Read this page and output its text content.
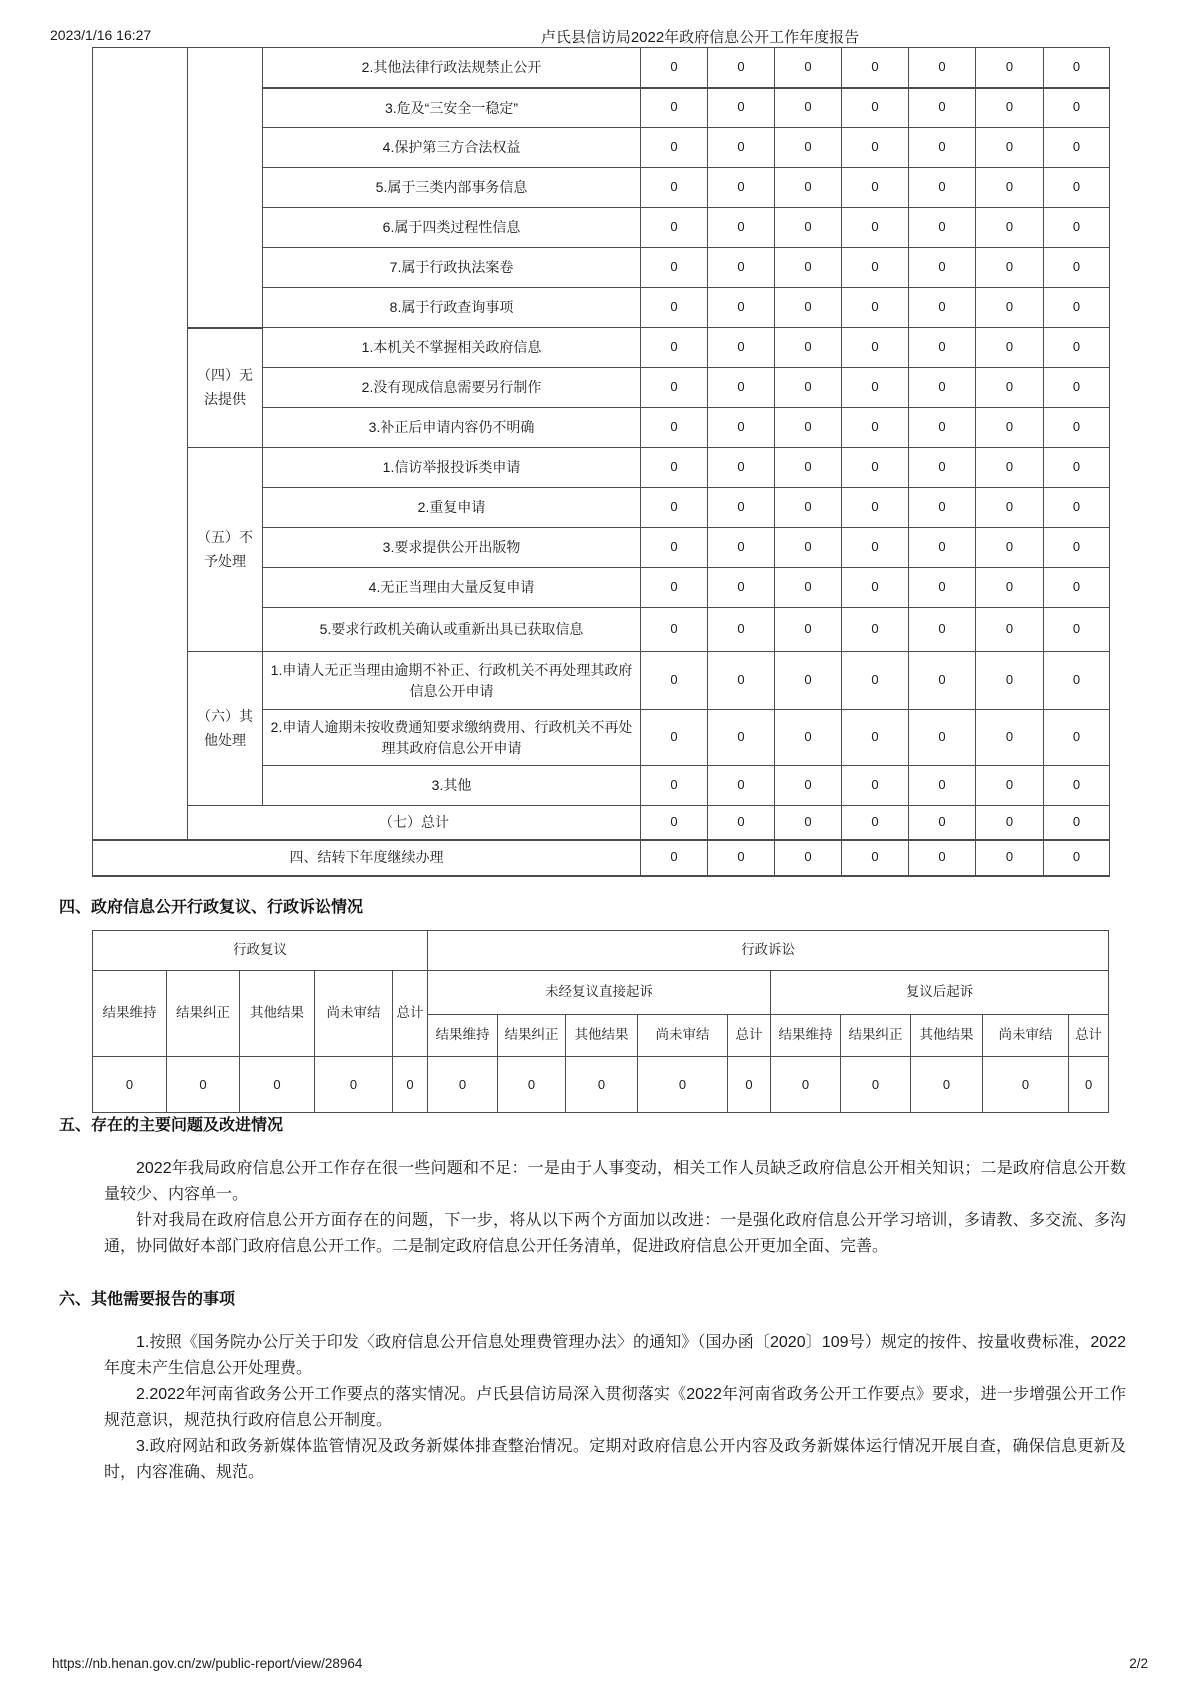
2023/1/16 16:27	卢氏县信访局2022年政府信息公开工作年度报告
		2.其他法律行政法规禁止公开	0	0	0	0	0	0	0
		3.危及“三安全一稳定”	0	0	0	0	0	0	0
		4.保护第三方合法权益	0	0	0	0	0	0	0
		5.属于三类内部事务信息	0	0	0	0	0	0	0
		6.属于四类过程性信息	0	0	0	0	0	0	0
		7.属于行政执法案卷	0	0	0	0	0	0	0
		8.属于行政查询事项	0	0	0	0	0	0	0
	（四）无法提供	1.本机关不掌握相关政府信息	0	0	0	0	0	0	0
		2.没有现成信息需要另行制作	0	0	0	0	0	0	0
		3.补正后申请内容仍不明确	0	0	0	0	0	0	0
	（五）不予处理	1.信访举报投诉类申请	0	0	0	0	0	0	0
		2.重复申请	0	0	0	0	0	0	0
		3.要求提供公开出版物	0	0	0	0	0	0	0
		4.无正当理由大量反复申请	0	0	0	0	0	0	0
		5.要求行政机关确认或重新出具已获取信息	0	0	0	0	0	0	0
	（六）其他处理	1.申请人无正当理由逾期不补正、行政机关不再处理其政府信息公开申请	0	0	0	0	0	0	0
		2.申请人逾期未按收费通知要求缴纳费用、行政机关不再处理其政府信息公开申请	0	0	0	0	0	0	0
		3.其他	0	0	0	0	0	0	0
	（七）总计		0	0	0	0	0	0	0
四、结转下年度继续办理			0	0	0	0	0	0	0
四、政府信息公开行政复议、行政诉讼情况
行政复议					行政诉讼									
结果维持	结果纠正	其他结果	尚未审结	总计	未经复议直接起诉					复议后起诉				
					结果维持	结果纠正	其他结果	尚未审结	总计	结果维持	结果纠正	其他结果	尚未审结	总计
0	0	0	0	0	0	0	0	0	0	0	0	0	0	0
五、存在的主要问题及改进情况

2022年我局政府信息公开工作存在很一些问题和不足：一是由于人事变动，相关工作人员缺乏政府信息公开相关知识；二是政府信息公开数量较少、内容单一。

针对我局在政府信息公开方面存在的问题，下一步，将从以下两个方面加以改进：一是强化政府信息公开学习培训，多请教、多交流、多沟通，协同做好本部门政府信息公开工作。二是制定政府信息公开任务清单，促进政府信息公开更加全面、完善。

六、其他需要报告的事项

1.按照《国务院办公厅关于印发〈政府信息公开信息处理费管理办法〉的通知》（国办函〔2020〕109号）规定的按件、按量收费标准，2022年度未产生信息公开处理费。

2.2022年河南省政务公开工作要点的落实情况。卢氏县信访局深入贯彻落实《2022年河南省政务公开工作要点》要求，进一步增强公开工作规范意识，规范执行政府信息公开制度。

3.政府网站和政务新媒体监管情况及政务新媒体排查整治情况。定期对政府信息公开内容及政务新媒体运行情况开展自查，确保信息更新及时，内容准确、规范。

https://nb.henan.gov.cn/zw/public-report/view/28964	2/2
